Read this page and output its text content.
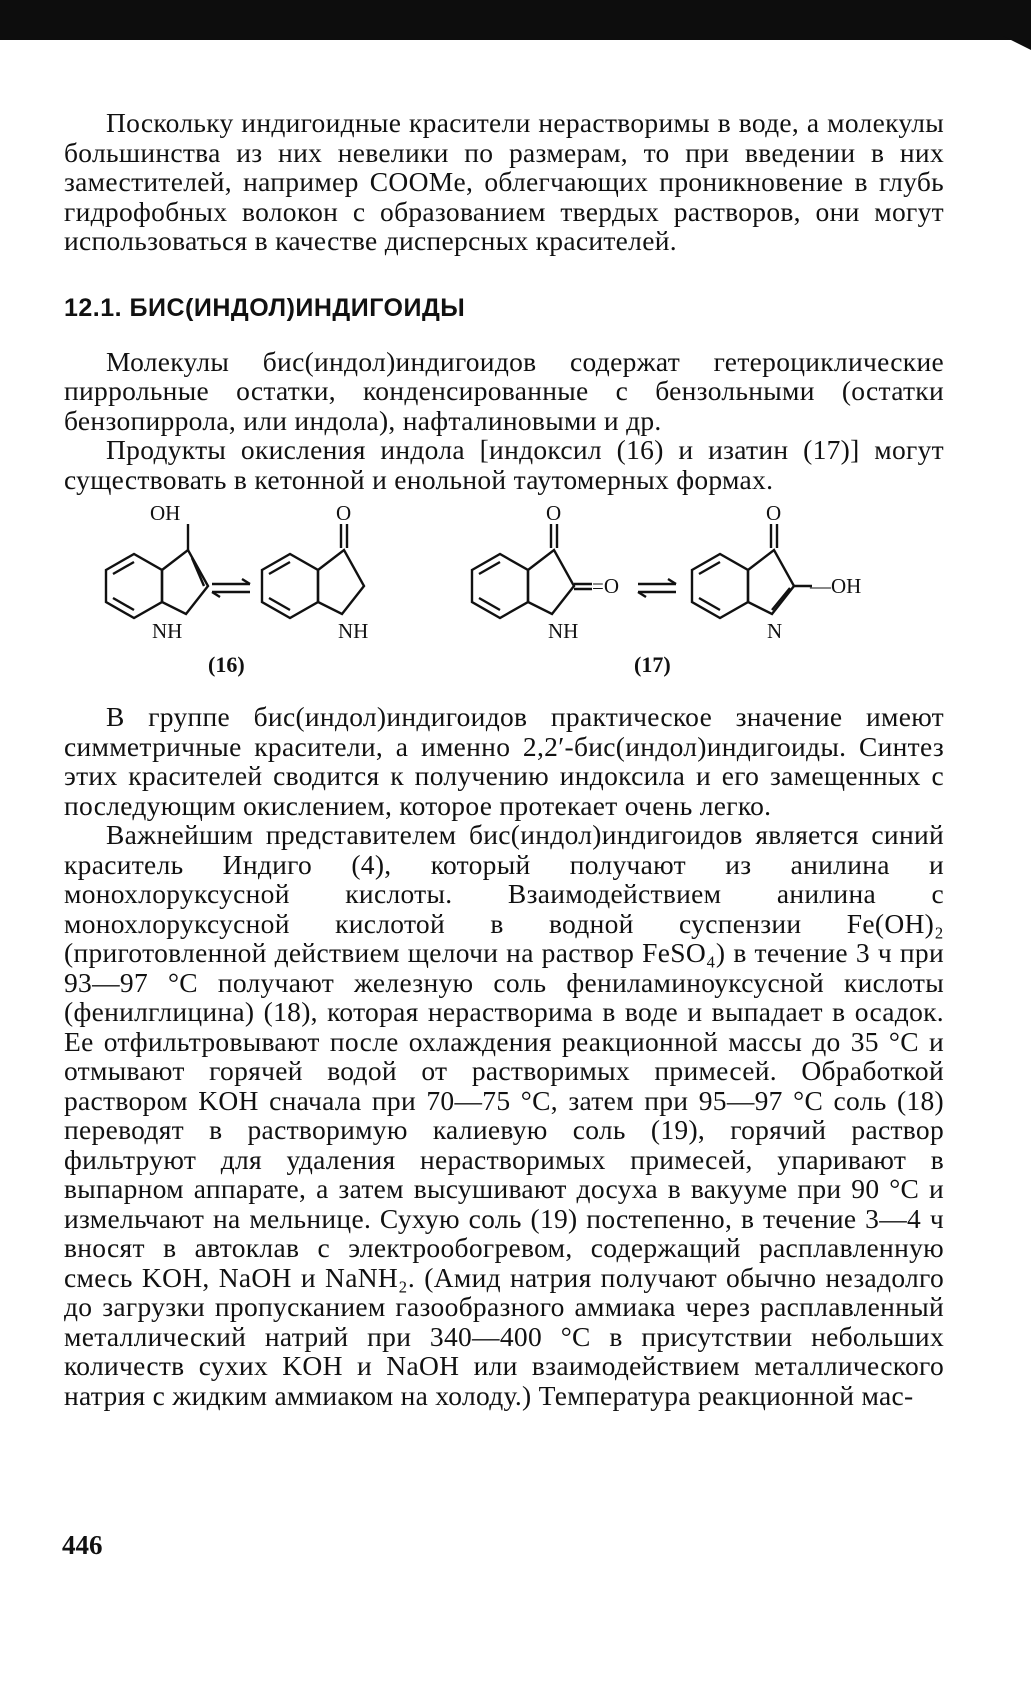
Поскольку индигоидные красители нерастворимы в воде, а молекулы большинства из них невелики по размерам, то при введении в них заместителей, например COOMe, облегчающих проникновение в глубь гидрофобных волокон с образованием твердых растворов, они могут использоваться в качестве дисперсных красителей.

12.1. БИС(ИНДОЛ)ИНДИГОИДЫ

Молекулы бис(индол)индигоидов содержат гетероциклические пиррольные остатки, конденсированные с бензольными (остатки бензопиррола, или индола), нафталиновыми и др.

Продукты окисления индола [индоксил (16) и изатин (17)] могут существовать в кетонной и енольной таутомерных формах.

OH
NH
O
NH
O
=O
NH
O
—OH
N
(16)	(17)

В группе бис(индол)индигоидов практическое значение имеют симметричные красители, а именно 2,2′-бис(индол)индигоиды. Синтез этих красителей сводится к получению индоксила и его замещенных с последующим окислением, которое протекает очень легко.

Важнейшим представителем бис(индол)индигоидов является синий краситель Индиго (4), который получают из анилина и монохлоруксусной кислоты. Взаимодействием анилина с монохлоруксусной кислотой в водной суспензии Fe(OH)₂ (приготовленной действием щелочи на раствор FeSO₄) в течение 3 ч при 93—97 °С получают железную соль фениламиноуксусной кислоты (фенилглицина) (18), которая нерастворима в воде и выпадает в осадок. Ее отфильтровывают после охлаждения реакционной массы до 35 °С и отмывают горячей водой от растворимых примесей. Обработкой раствором KOH сначала при 70—75 °С, затем при 95—97 °С соль (18) переводят в растворимую калиевую соль (19), горячий раствор фильтруют для удаления нерастворимых примесей, упаривают в выпарном аппарате, а затем высушивают досуха в вакууме при 90 °С и измельчают на мельнице. Сухую соль (19) постепенно, в течение 3—4 ч вносят в автоклав с электрообогревом, содержащий расплавленную смесь KOH, NaOH и NaNH₂. (Амид натрия получают обычно незадолго до загрузки пропусканием газообразного аммиака через расплавленный металлический натрий при 340—400 °С в присутствии небольших количеств сухих KOH и NaOH или взаимодействием металлического натрия с жидким аммиаком на холоду.) Температура реакционной мас-

446
